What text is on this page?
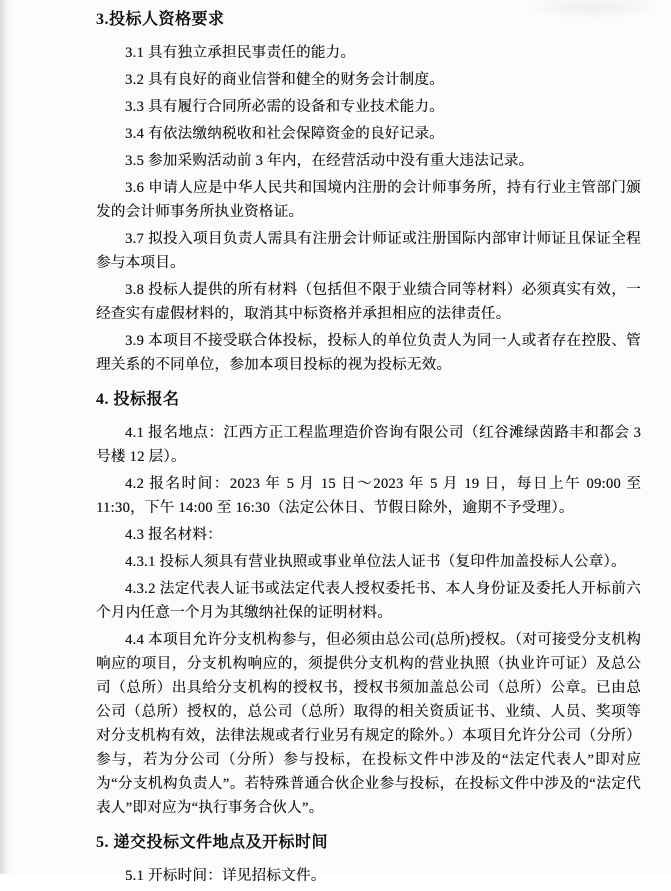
3.投标人资格要求

3.1 具有独立承担民事责任的能力。

3.2 具有良好的商业信誉和健全的财务会计制度。

3.3 具有履行合同所必需的设备和专业技术能力。

3.4 有依法缴纳税收和社会保障资金的良好记录。

3.5 参加采购活动前 3 年内，在经营活动中没有重大违法记录。

3.6 申请人应是中华人民共和国境内注册的会计师事务所，持有行业主管部门颁发的会计师事务所执业资格证。

3.7 拟投入项目负责人需具有注册会计师证或注册国际内部审计师证且保证全程参与本项目。

3.8 投标人提供的所有材料（包括但不限于业绩合同等材料）必须真实有效，一经查实有虚假材料的，取消其中标资格并承担相应的法律责任。

3.9 本项目不接受联合体投标，投标人的单位负责人为同一人或者存在控股、管理关系的不同单位，参加本项目投标的视为投标无效。

4. 投标报名

4.1 报名地点：江西方正工程监理造价咨询有限公司（红谷滩绿茵路丰和都会 3 号楼 12 层）。

4.2 报名时间：2023 年 5 月 15 日～2023 年 5 月 19 日，每日上午 09:00 至 11:30，下午 14:00 至 16:30（法定公休日、节假日除外，逾期不予受理）。

4.3 报名材料：

4.3.1 投标人须具有营业执照或事业单位法人证书（复印件加盖投标人公章）。

4.3.2 法定代表人证书或法定代表人授权委托书、本人身份证及委托人开标前六个月内任意一个月为其缴纳社保的证明材料。

4.4 本项目允许分支机构参与，但必须由总公司(总所)授权。（对可接受分支机构响应的项目，分支机构响应的，须提供分支机构的营业执照（执业许可证）及总公司（总所）出具给分支机构的授权书，授权书须加盖总公司（总所）公章。已由总公司（总所）授权的，总公司（总所）取得的相关资质证书、业绩、人员、奖项等对分支机构有效，法律法规或者行业另有规定的除外。）本项目允许分公司（分所）参与，若为分公司（分所）参与投标，在投标文件中涉及的“法定代表人”即对应为“分支机构负责人”。若特殊普通合伙企业参与投标，在投标文件中涉及的“法定代表人”即对应为“执行事务合伙人”。

5. 递交投标文件地点及开标时间

5.1 开标时间：详见招标文件。
